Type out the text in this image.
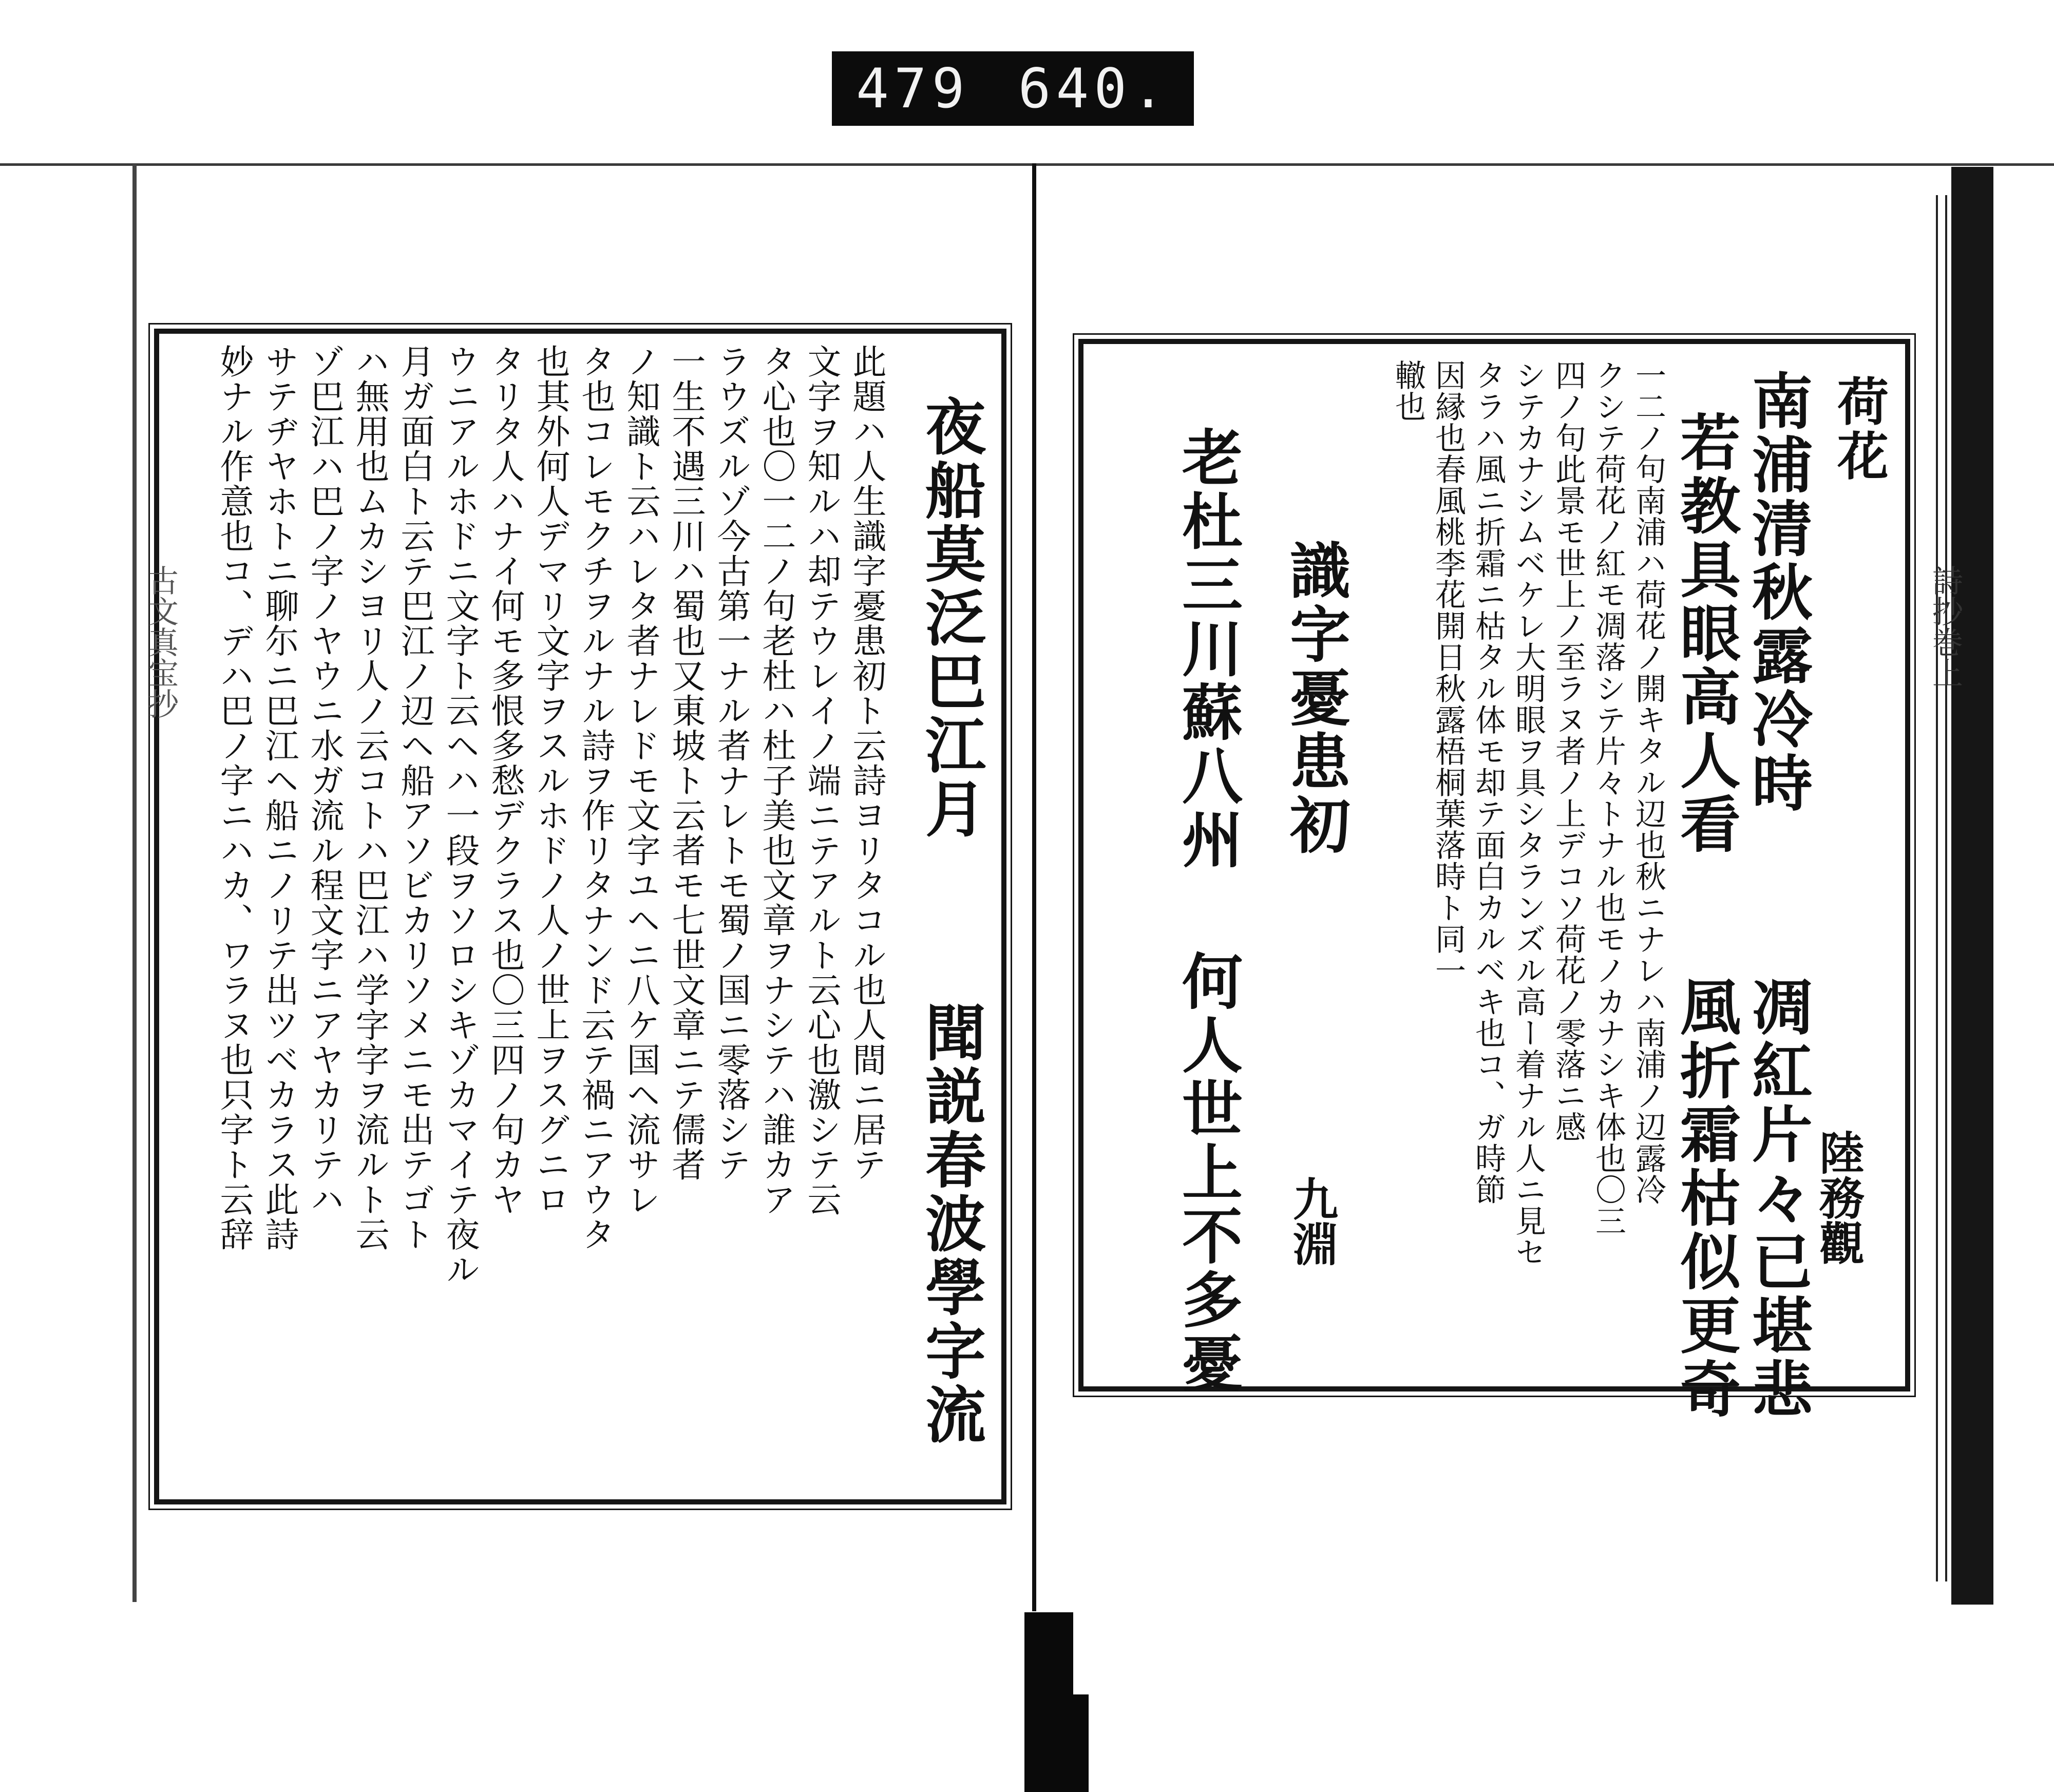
479 640.
荷花
南浦清秋露冷時
若教具眼高人看
陸務觀
凋紅片々已堪悲
風折霜枯似更奇
一二ノ句南浦ハ荷花ノ開キタル辺也秋ニナレハ南浦ノ辺露冷
クシテ荷花ノ紅モ凋落シテ片々トナル也モノカナシキ体也〇三
四ノ句此景モ世上ノ至ラヌ者ノ上デコソ荷花ノ零落ニ感
シテカナシムベケレ大明眼ヲ具シタランズル高ー着ナル人ニ見セ
タラハ風ニ折霜ニ枯タル体モ却テ面白カルベキ也コ、ガ時節
因縁也春風桃李花開日秋露梧桐葉落時ト同一
轍也
識字憂患初
九淵
老杜三川蘇八州
何人世上不多憂
夜船莫泛巴江月
聞説春波學字流
此題ハ人生識字憂患初ト云詩ヨリタコル也人間ニ居テ
文字ヲ知ルハ却テウレイノ端ニテアルト云心也激シテ云
タ心也〇一二ノ句老杜ハ杜子美也文章ヲナシテハ誰カア
ラウズルゾ今古第一ナル者ナレトモ蜀ノ国ニ零落シテ
一生不遇三川ハ蜀也又東坡ト云者モ七世文章ニテ儒者
ノ知識ト云ハレタ者ナレドモ文字ユヘニ八ケ国ヘ流サレ
タ也コレモクチヲルナル詩ヲ作リタナンド云テ禍ニアウタ
也其外何人デマリ文字ヲスルホドノ人ノ世上ヲスグニロ
タリタ人ハナイ何モ多恨多愁デクラス也〇三四ノ句カヤ
ウニアルホドニ文字ト云ヘハ一段ヲソロシキゾカマイテ夜ル
月ガ面白ト云テ巴江ノ辺ヘ船アソビカリソメニモ出テゴト
ハ無用也ムカシヨリ人ノ云コトハ巴江ハ学字字ヲ流ルト云
ゾ巴江ハ巴ノ字ノヤウニ水ガ流ル程文字ニアヤカリテハ
サテヂヤホトニ聊尓ニ巴江ヘ船ニノリテ出ツベカラス此詩
妙ナル作意也コ、デハ巴ノ字ニハカ、ワラヌ也只字ト云辞	詩抄巻上
古文真宝抄
